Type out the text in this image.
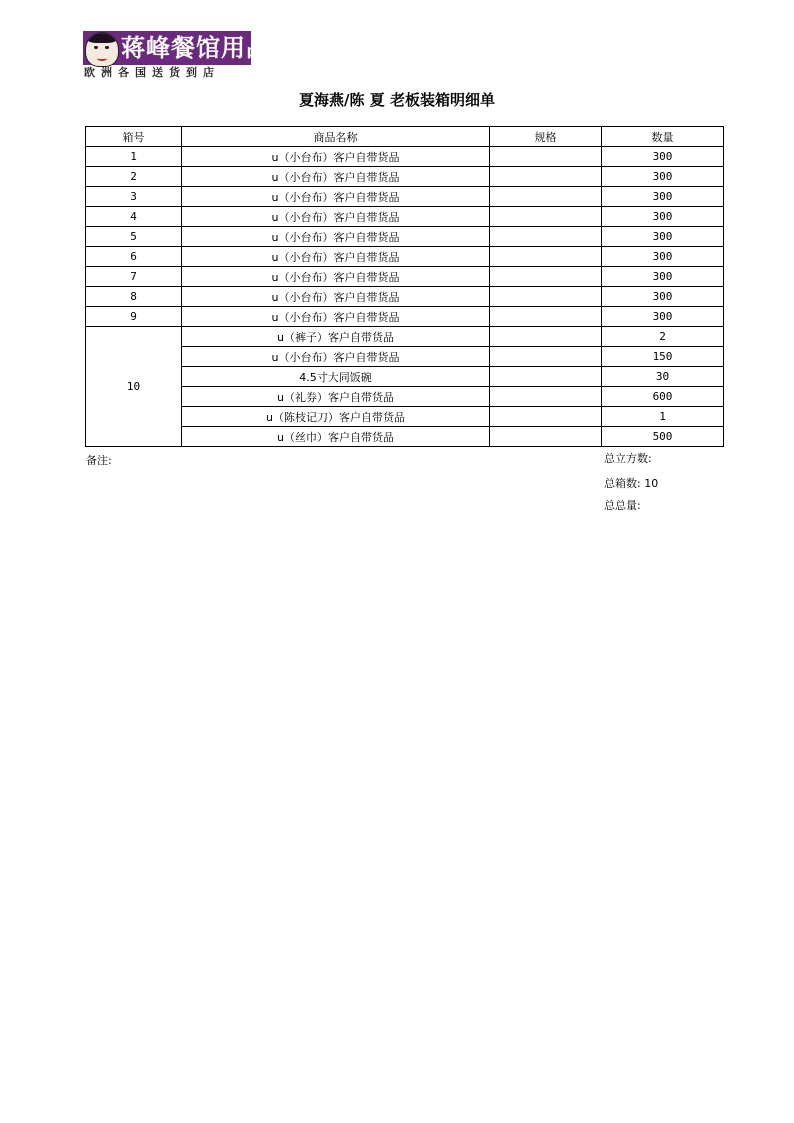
蒋峰餐馆用品
欧洲各国送货到店
夏海燕/陈 夏 老板装箱明细单
箱号	商品名称	规格	数量
1	u（小台布）客户自带货品		300
2	u（小台布）客户自带货品		300
3	u（小台布）客户自带货品		300
4	u（小台布）客户自带货品		300
5	u（小台布）客户自带货品		300
6	u（小台布）客户自带货品		300
7	u（小台布）客户自带货品		300
8	u（小台布）客户自带货品		300
9	u（小台布）客户自带货品		300
10	u（裤子）客户自带货品		2
	u（小台布）客户自带货品		150
	4.5寸大同饭碗		30
	u（礼券）客户自带货品		600
	u（陈枝记刀）客户自带货品		1
	u（丝巾）客户自带货品		500
备注:	总立方数:
总箱数: 10
总总量:
